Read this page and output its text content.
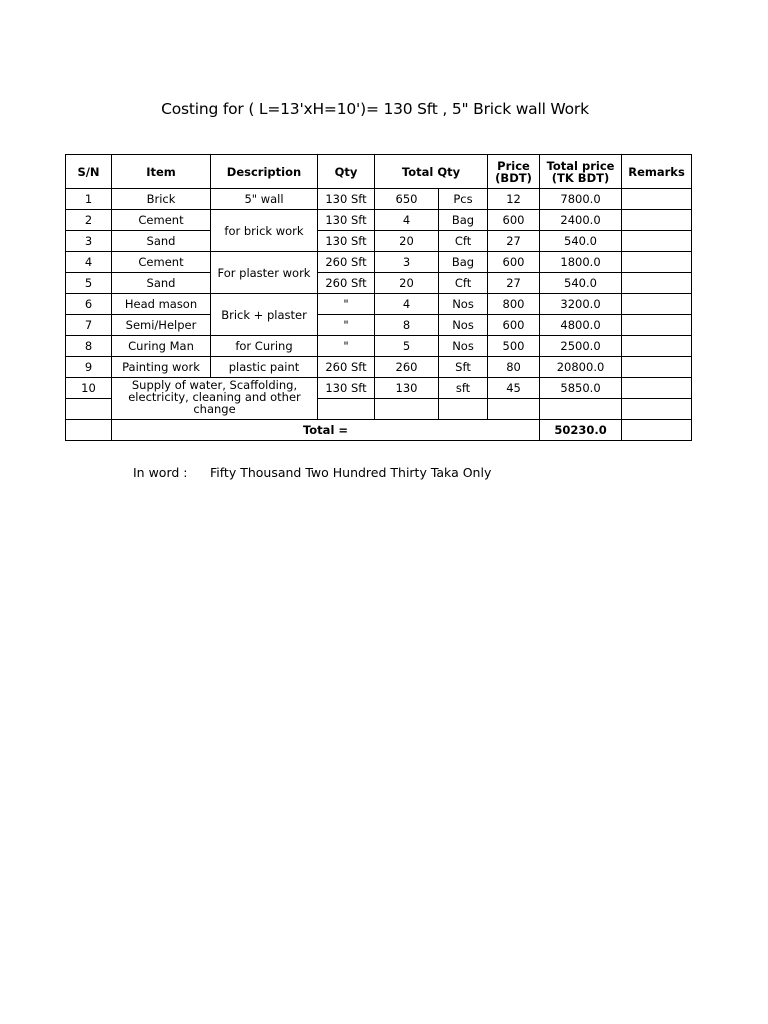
Costing for ( L=13'xH=10')= 130 Sft , 5" Brick wall Work
S/N	Item	Description	Qty	Total Qty		Price (BDT)	Total price (TK BDT)	Remarks
1	Brick	5" wall	130 Sft	650	Pcs	12	7800.0	
2	Cement	for brick work	130 Sft	4	Bag	600	2400.0	
3	Sand		130 Sft	20	Cft	27	540.0	
4	Cement	For plaster work	260 Sft	3	Bag	600	1800.0	
5	Sand		260 Sft	20	Cft	27	540.0	
6	Head mason	Brick + plaster	"	4	Nos	800	3200.0	
7	Semi/Helper		"	8	Nos	600	4800.0	
8	Curing Man	for Curing	"	5	Nos	500	2500.0	
9	Painting work	plastic paint	260 Sft	260	Sft	80	20800.0	
10	Supply of water, Scaffolding, electricity, cleaning and other change		130 Sft	130	sft	45	5850.0	

	Total =						50230.0	
In word : Fifty Thousand Two Hundred Thirty Taka Only
